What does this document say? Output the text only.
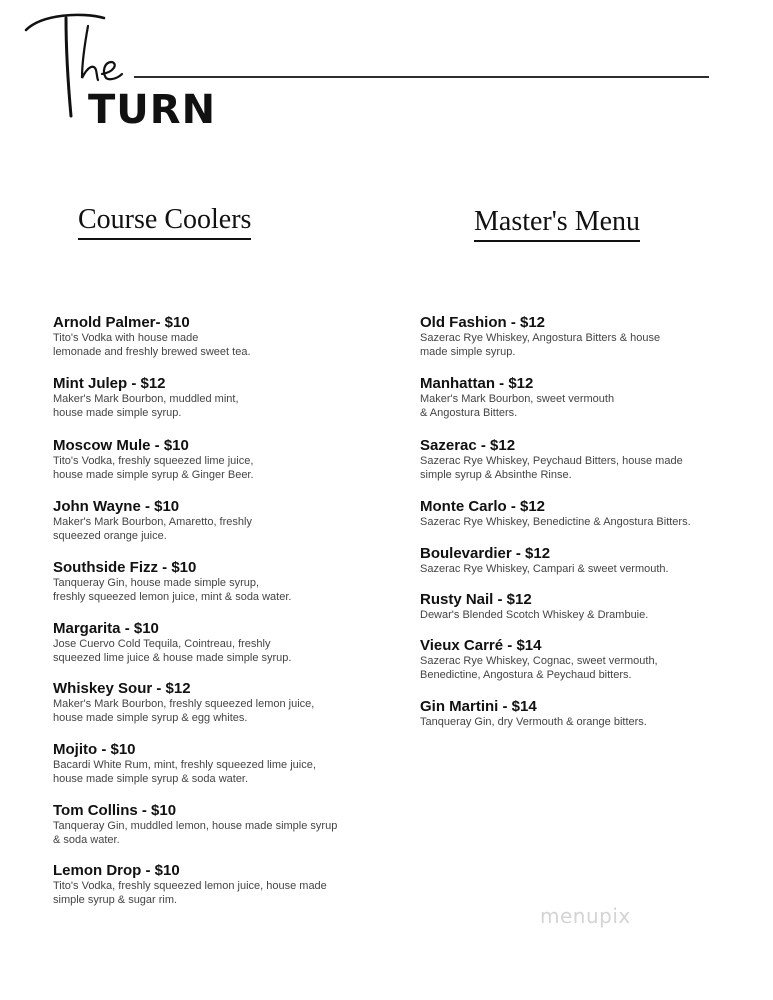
TURN
Course Coolers	Master's Menu
Arnold Palmer- $10
Tito's Vodka with house made
lemonade and freshly brewed sweet tea.
Mint Julep - $12
Maker's Mark Bourbon, muddled mint,
house made simple syrup.
Moscow Mule - $10
Tito's Vodka, freshly squeezed lime juice,
house made simple syrup & Ginger Beer.
John Wayne - $10
Maker's Mark Bourbon, Amaretto, freshly
squeezed orange juice.
Southside Fizz - $10
Tanqueray Gin, house made simple syrup,
freshly squeezed lemon juice, mint & soda water.
Margarita - $10
Jose Cuervo Cold Tequila, Cointreau, freshly
squeezed lime juice & house made simple syrup.
Whiskey Sour - $12
Maker's Mark Bourbon, freshly squeezed lemon juice,
house made simple syrup & egg whites.
Mojito - $10
Bacardi White Rum, mint, freshly squeezed lime juice,
house made simple syrup & soda water.
Tom Collins - $10
Tanqueray Gin, muddled lemon, house made simple syrup
& soda water.
Lemon Drop - $10
Tito's Vodka, freshly squeezed lemon juice, house made
simple syrup & sugar rim.
Old Fashion - $12
Sazerac Rye Whiskey, Angostura Bitters & house
made simple syrup.
Manhattan - $12
Maker's Mark Bourbon, sweet vermouth
& Angostura Bitters.
Sazerac - $12
Sazerac Rye Whiskey, Peychaud Bitters, house made
simple syrup & Absinthe Rinse.
Monte Carlo - $12
Sazerac Rye Whiskey, Benedictine & Angostura Bitters.
Boulevardier - $12
Sazerac Rye Whiskey, Campari & sweet vermouth.
Rusty Nail - $12
Dewar's Blended Scotch Whiskey & Drambuie.
Vieux Carré - $14
Sazerac Rye Whiskey, Cognac, sweet vermouth,
Benedictine, Angostura & Peychaud bitters.
Gin Martini - $14
Tanqueray Gin, dry Vermouth & orange bitters.
menupix
